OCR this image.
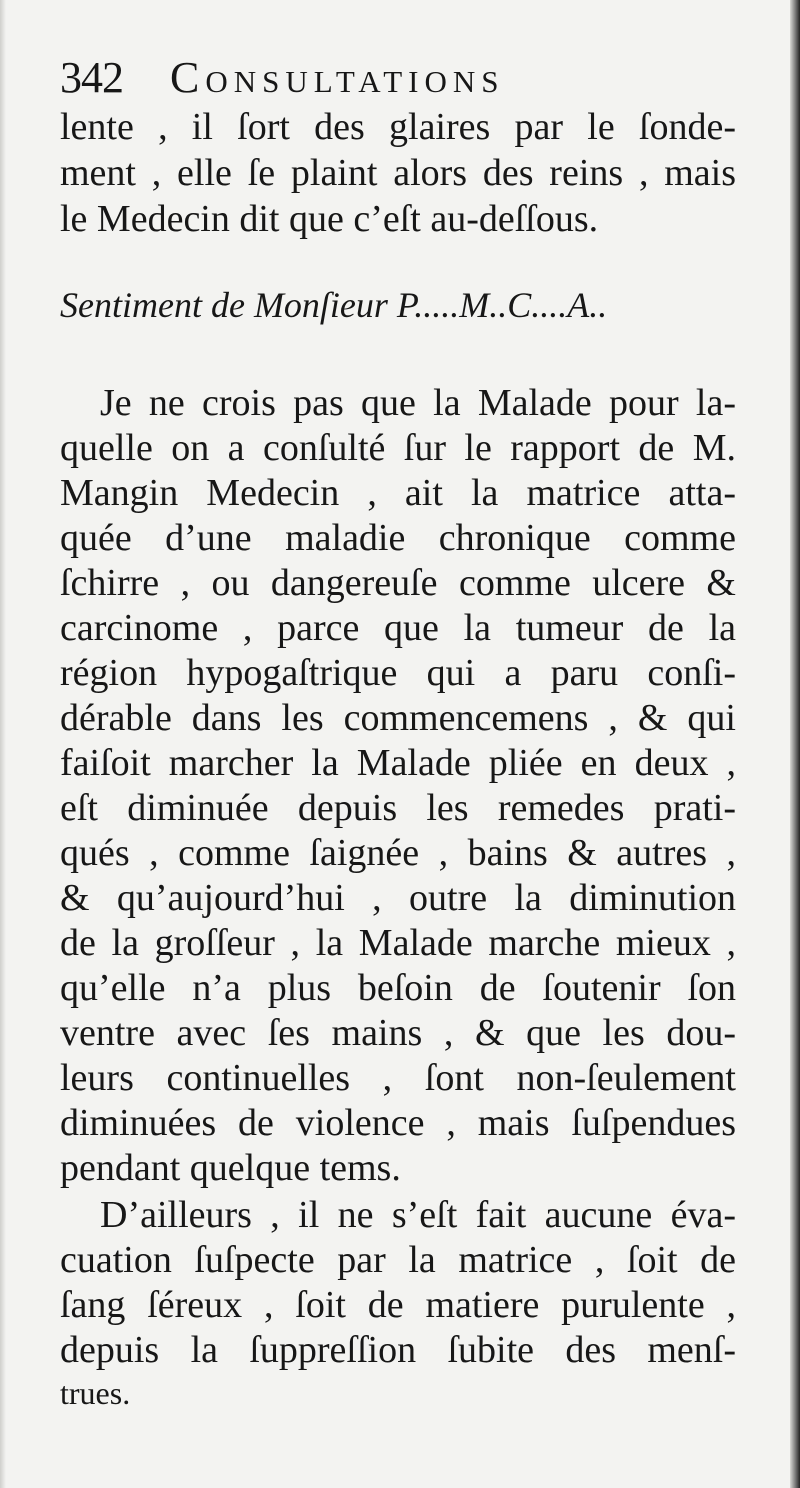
342 Consultations
lente , il ſort des glaires par le ſonde-
ment , elle ſe plaint alors des reins , mais
le Medecin dit que c’eſt au-deſſous.
Sentiment de Monſieur P.....M..C....A..
Je ne crois pas que la Malade pour la-
quelle on a conſulté ſur le rapport de M.
Mangin Medecin , ait la matrice atta-
quée d’une maladie chronique comme
ſchirre , ou dangereuſe comme ulcere &
carcinome , parce que la tumeur de la
région hypogaſtrique qui a paru conſi-
dérable dans les commencemens , & qui
faiſoit marcher la Malade pliée en deux ,
eſt diminuée depuis les remedes prati-
qués , comme ſaignée , bains & autres ,
& qu’aujourd’hui , outre la diminution
de la groſſeur , la Malade marche mieux ,
qu’elle n’a plus beſoin de ſoutenir ſon
ventre avec ſes mains , & que les dou-
leurs continuelles , ſont non-ſeulement
diminuées de violence , mais ſuſpendues
pendant quelque tems.
D’ailleurs , il ne s’eſt fait aucune éva-
cuation ſuſpecte par la matrice , ſoit de
ſang ſéreux , ſoit de matiere purulente ,
depuis la ſuppreſſion ſubite des menſ-
trues.
